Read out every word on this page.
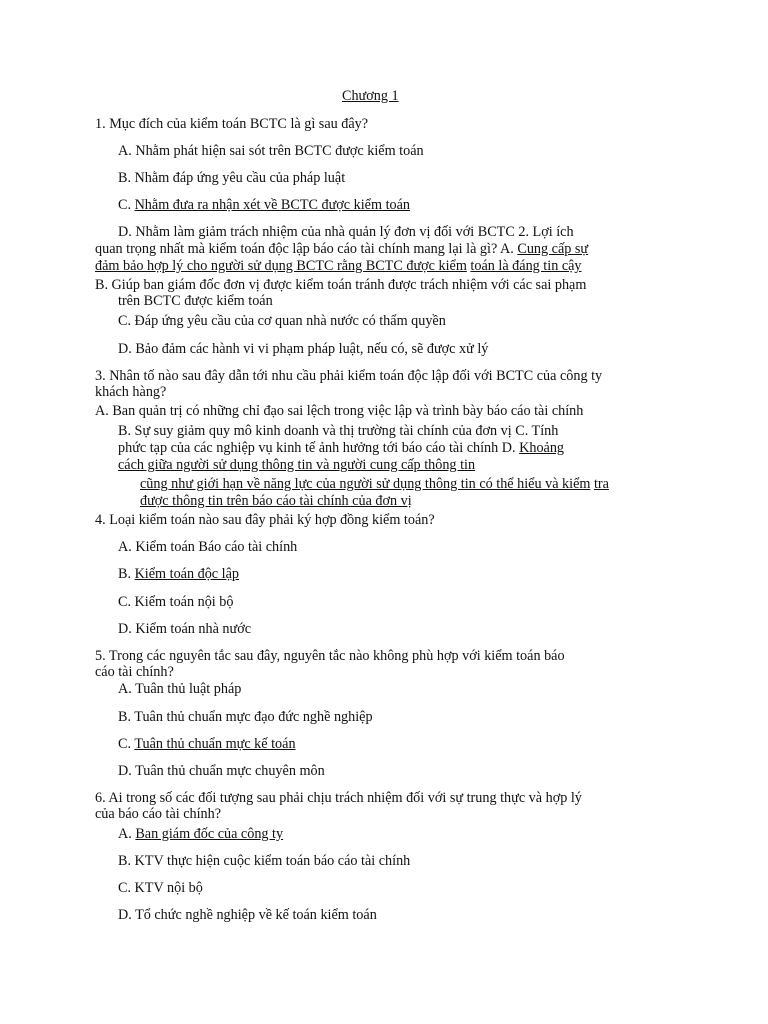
Chương 1
1. Mục đích của kiểm toán BCTC là gì sau đây?
A. Nhằm phát hiện sai sót trên BCTC được kiểm toán
B. Nhằm đáp ứng yêu cầu của pháp luật
C. Nhằm đưa ra nhận xét về BCTC được kiểm toán
D. Nhằm làm giảm trách nhiệm của nhà quản lý đơn vị đối với BCTC 2. Lợi ích
quan trọng nhất mà kiểm toán độc lập báo cáo tài chính mang lại là gì? A. Cung cấp sự
đảm bảo hợp lý cho người sử dụng BCTC rằng BCTC được kiểm toán là đáng tin cậy
B. Giúp ban giám đốc đơn vị được kiểm toán tránh được trách nhiệm với các sai phạm
trên BCTC được kiểm toán
C. Đáp ứng yêu cầu của cơ quan nhà nước có thẩm quyền
D. Bảo đảm các hành vi vi phạm pháp luật, nếu có, sẽ được xử lý
3. Nhân tố nào sau đây dẫn tới nhu cầu phải kiểm toán độc lập đối với BCTC của công ty
khách hàng?
A. Ban quản trị có những chỉ đạo sai lệch trong việc lập và trình bày báo cáo tài chính
B. Sự suy giảm quy mô kinh doanh và thị trường tài chính của đơn vị C. Tính
phức tạp của các nghiệp vụ kinh tế ảnh hưởng tới báo cáo tài chính D. Khoảng
cách giữa người sử dụng thông tin và người cung cấp thông tin
cũng như giới hạn về năng lực của người sử dụng thông tin có thể hiểu và kiểm tra
được thông tin trên báo cáo tài chính của đơn vị
4. Loại kiểm toán nào sau đây phải ký hợp đồng kiểm toán?
A. Kiểm toán Báo cáo tài chính
B. Kiểm toán độc lập
C. Kiểm toán nội bộ
D. Kiểm toán nhà nước
5. Trong các nguyên tắc sau đây, nguyên tắc nào không phù hợp với kiểm toán báo
cáo tài chính?
A. Tuân thủ luật pháp
B. Tuân thủ chuẩn mực đạo đức nghề nghiệp
C. Tuân thủ chuẩn mực kế toán
D. Tuân thủ chuẩn mực chuyên môn
6. Ai trong số các đối tượng sau phải chịu trách nhiệm đối với sự trung thực và hợp lý
của báo cáo tài chính?
A. Ban giám đốc của công ty
B. KTV thực hiện cuộc kiểm toán báo cáo tài chính
C. KTV nội bộ
D. Tổ chức nghề nghiệp về kế toán kiểm toán
